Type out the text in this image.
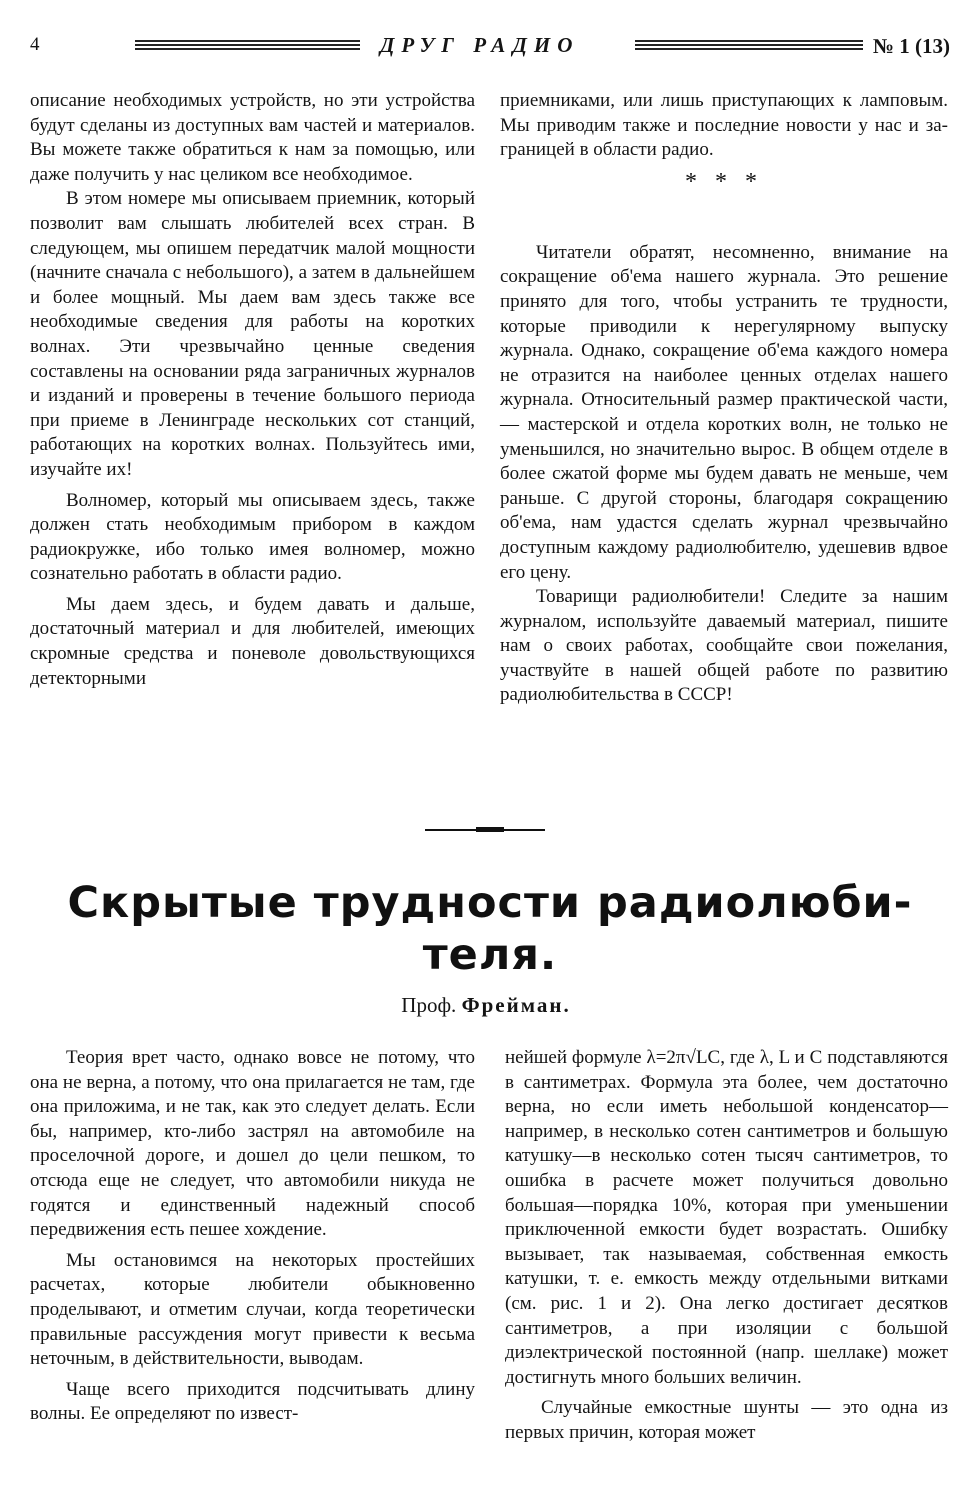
4	ДРУГ РАДИО	№ 1 (13)

описание необходимых устройств, но эти устройства будут сделаны из доступных вам частей и материалов. Вы можете также обратиться к нам за помощью, или даже получить у нас целиком все необходимое.

В этом номере мы описываем приемник, который позволит вам слышать любителей всех стран. В следующем, мы опишем передатчик малой мощности (начните сначала с небольшого), а затем в дальнейшем и более мощный. Мы даем вам здесь также все необходимые сведения для работы на коротких волнах. Эти чрезвычайно ценные сведения составлены на основании ряда заграничных журналов и изданий и проверены в течение большого периода при приеме в Ленинграде нескольких сот станций, работающих на коротких волнах. Пользуйтесь ими, изучайте их!

Волномер, который мы описываем здесь, также должен стать необходимым прибором в каждом радиокружке, ибо только имея волномер, можно сознательно работать в области радио.

Мы даем здесь, и будем давать и дальше, достаточный материал и для любителей, имеющих скромные средства и поневоле довольствующихся детекторными

приемниками, или лишь приступающих к ламповым. Мы приводим также и последние новости у нас и за-границей в области радио.

* * *

Читатели обратят, несомненно, внимание на сокращение об'ема нашего журнала. Это решение принято для того, чтобы устранить те трудности, которые приводили к нерегулярному выпуску журнала. Однако, сокращение об'ема каждого номера не отразится на наиболее ценных отделах нашего журнала. Относительный размер практической части, — мастерской и отдела коротких волн, не только не уменьшился, но значительно вырос. В общем отделе в более сжатой форме мы будем давать не меньше, чем раньше. С другой стороны, благодаря сокращению об'ема, нам удастся сделать журнал чрезвычайно доступным каждому радиолюбителю, удешевив вдвое его цену.

Товарищи радиолюбители! Следите за нашим журналом, используйте даваемый материал, пишите нам о своих работах, сообщайте свои пожелания, участвуйте в нашей общей работе по развитию радиолюбительства в СССР!

Скрытые трудности радиолюби-
теля.
Проф. Фрейман.

Теория врет часто, однако вовсе не потому, что она не верна, а потому, что она прилагается не там, где она приложима, и не так, как это следует делать. Если бы, например, кто-либо застрял на автомобиле на проселочной дороге, и дошел до цели пешком, то отсюда еще не следует, что автомобили никуда не годятся и единственный надежный способ передвижения есть пешее хождение.

Мы остановимся на некоторых простейших расчетах, которые любители обыкновенно проделывают, и отметим случаи, когда теоретически правильные рассуждения могут привести к весьма неточным, в действительности, выводам.

Чаще всего приходится подсчитывать длину волны. Ее определяют по извест-

нейшей формуле λ=2π√LC, где λ, L и C подставляются в сантиметрах. Формула эта более, чем достаточно верна, но если иметь небольшой конденсатор—например, в несколько сотен сантиметров и большую катушку—в несколько сотен тысяч сантиметров, то ошибка в расчете может получиться довольно большая—порядка 10%, которая при уменьшении приключенной емкости будет возрастать. Ошибку вызывает, так называемая, собственная емкость катушки, т. е. емкость между отдельными витками (см. рис. 1 и 2). Она легко достигает десятков сантиметров, а при изоляции с большой диэлектрической постоянной (напр. шеллаке) может достигнуть много больших величин.

Случайные емкостные шунты — это одна из первых причин, которая может
